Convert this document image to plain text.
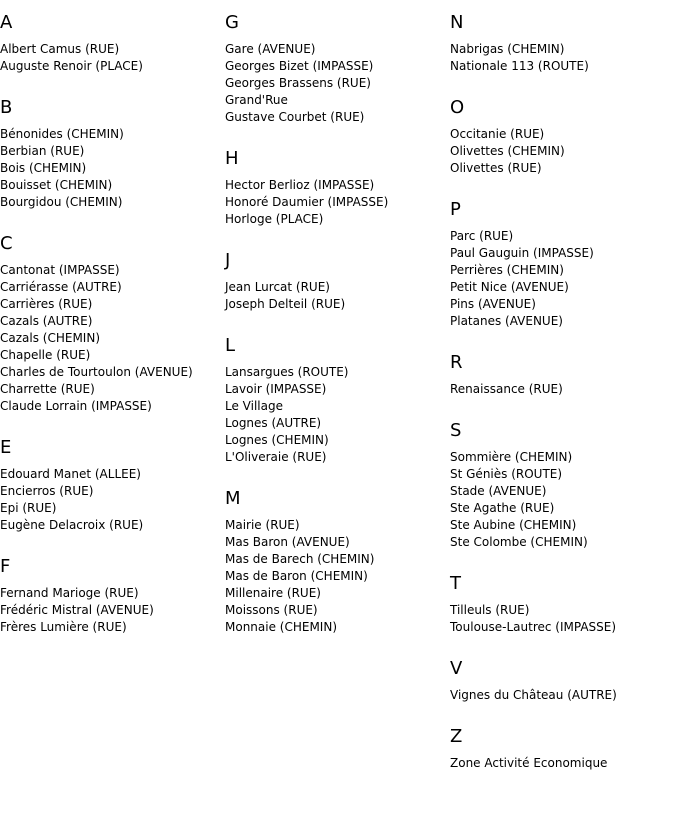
A
Albert Camus (RUE)
Auguste Renoir (PLACE)
B
Bénonides (CHEMIN)
Berbian (RUE)
Bois (CHEMIN)
Bouisset (CHEMIN)
Bourgidou (CHEMIN)
C
Cantonat (IMPASSE)
Carriérasse (AUTRE)
Carrières (RUE)
Cazals (AUTRE)
Cazals (CHEMIN)
Chapelle (RUE)
Charles de Tourtoulon (AVENUE)
Charrette (RUE)
Claude Lorrain (IMPASSE)
E
Edouard Manet (ALLEE)
Encierros (RUE)
Epi (RUE)
Eugène Delacroix (RUE)
F
Fernand Marioge (RUE)
Frédéric Mistral (AVENUE)
Frères Lumière (RUE)
G
Gare (AVENUE)
Georges Bizet (IMPASSE)
Georges Brassens (RUE)
Grand'Rue
Gustave Courbet (RUE)
H
Hector Berlioz (IMPASSE)
Honoré Daumier (IMPASSE)
Horloge (PLACE)
J
Jean Lurcat (RUE)
Joseph Delteil (RUE)
L
Lansargues (ROUTE)
Lavoir (IMPASSE)
Le Village
Lognes (AUTRE)
Lognes (CHEMIN)
L'Oliveraie (RUE)
M
Mairie (RUE)
Mas Baron (AVENUE)
Mas de Barech (CHEMIN)
Mas de Baron (CHEMIN)
Millenaire (RUE)
Moissons (RUE)
Monnaie (CHEMIN)
N
Nabrigas (CHEMIN)
Nationale 113 (ROUTE)
O
Occitanie (RUE)
Olivettes (CHEMIN)
Olivettes (RUE)
P
Parc (RUE)
Paul Gauguin (IMPASSE)
Perrières (CHEMIN)
Petit Nice (AVENUE)
Pins (AVENUE)
Platanes (AVENUE)
R
Renaissance (RUE)
S
Sommière (CHEMIN)
St Géniès (ROUTE)
Stade (AVENUE)
Ste Agathe (RUE)
Ste Aubine (CHEMIN)
Ste Colombe (CHEMIN)
T
Tilleuls (RUE)
Toulouse-Lautrec (IMPASSE)
V
Vignes du Château (AUTRE)
Z
Zone Activité Economique
